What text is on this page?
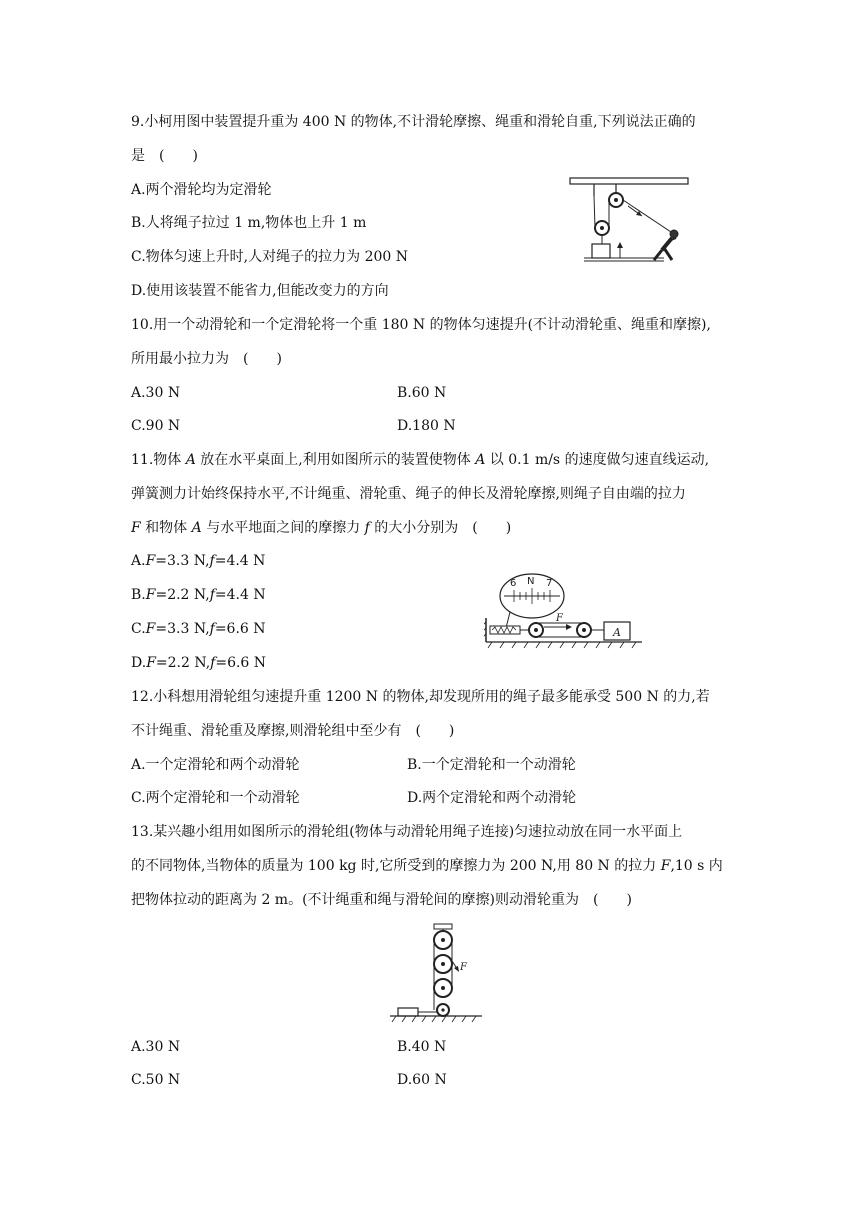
9.小柯用图中装置提升重为 400 N 的物体,不计滑轮摩擦、绳重和滑轮自重,下列说法正确的
是　(　　)
A.两个滑轮均为定滑轮
B.人将绳子拉过 1 m,物体也上升 1 m
C.物体匀速上升时,人对绳子的拉力为 200 N
D.使用该装置不能省力,但能改变力的方向
10.用一个动滑轮和一个定滑轮将一个重 180 N 的物体匀速提升(不计动滑轮重、绳重和摩擦),
所用最小拉力为　(　　)
A.30 N	B.60 N
C.90 N	D.180 N
11.物体 A 放在水平桌面上,利用如图所示的装置使物体 A 以 0.1 m/s 的速度做匀速直线运动,
弹簧测力计始终保持水平,不计绳重、滑轮重、绳子的伸长及滑轮摩擦,则绳子自由端的拉力
F 和物体 A 与水平地面之间的摩擦力 f 的大小分别为　(　　)
A.F=3.3 N,f=4.4 N
B.F=2.2 N,f=4.4 N
C.F=3.3 N,f=6.6 N
D.F=2.2 N,f=6.6 N
6 N 7
F
A
12.小科想用滑轮组匀速提升重 1200 N 的物体,却发现所用的绳子最多能承受 500 N 的力,若
不计绳重、滑轮重及摩擦,则滑轮组中至少有　(　　)
A.一个定滑轮和两个动滑轮	B.一个定滑轮和一个动滑轮
C.两个定滑轮和一个动滑轮	D.两个定滑轮和两个动滑轮
13.某兴趣小组用如图所示的滑轮组(物体与动滑轮用绳子连接)匀速拉动放在同一水平面上
的不同物体,当物体的质量为 100 kg 时,它所受到的摩擦力为 200 N,用 80 N 的拉力 F,10 s 内
把物体拉动的距离为 2 m。(不计绳重和绳与滑轮间的摩擦)则动滑轮重为　(　　)
F
A.30 N	B.40 N
C.50 N	D.60 N
